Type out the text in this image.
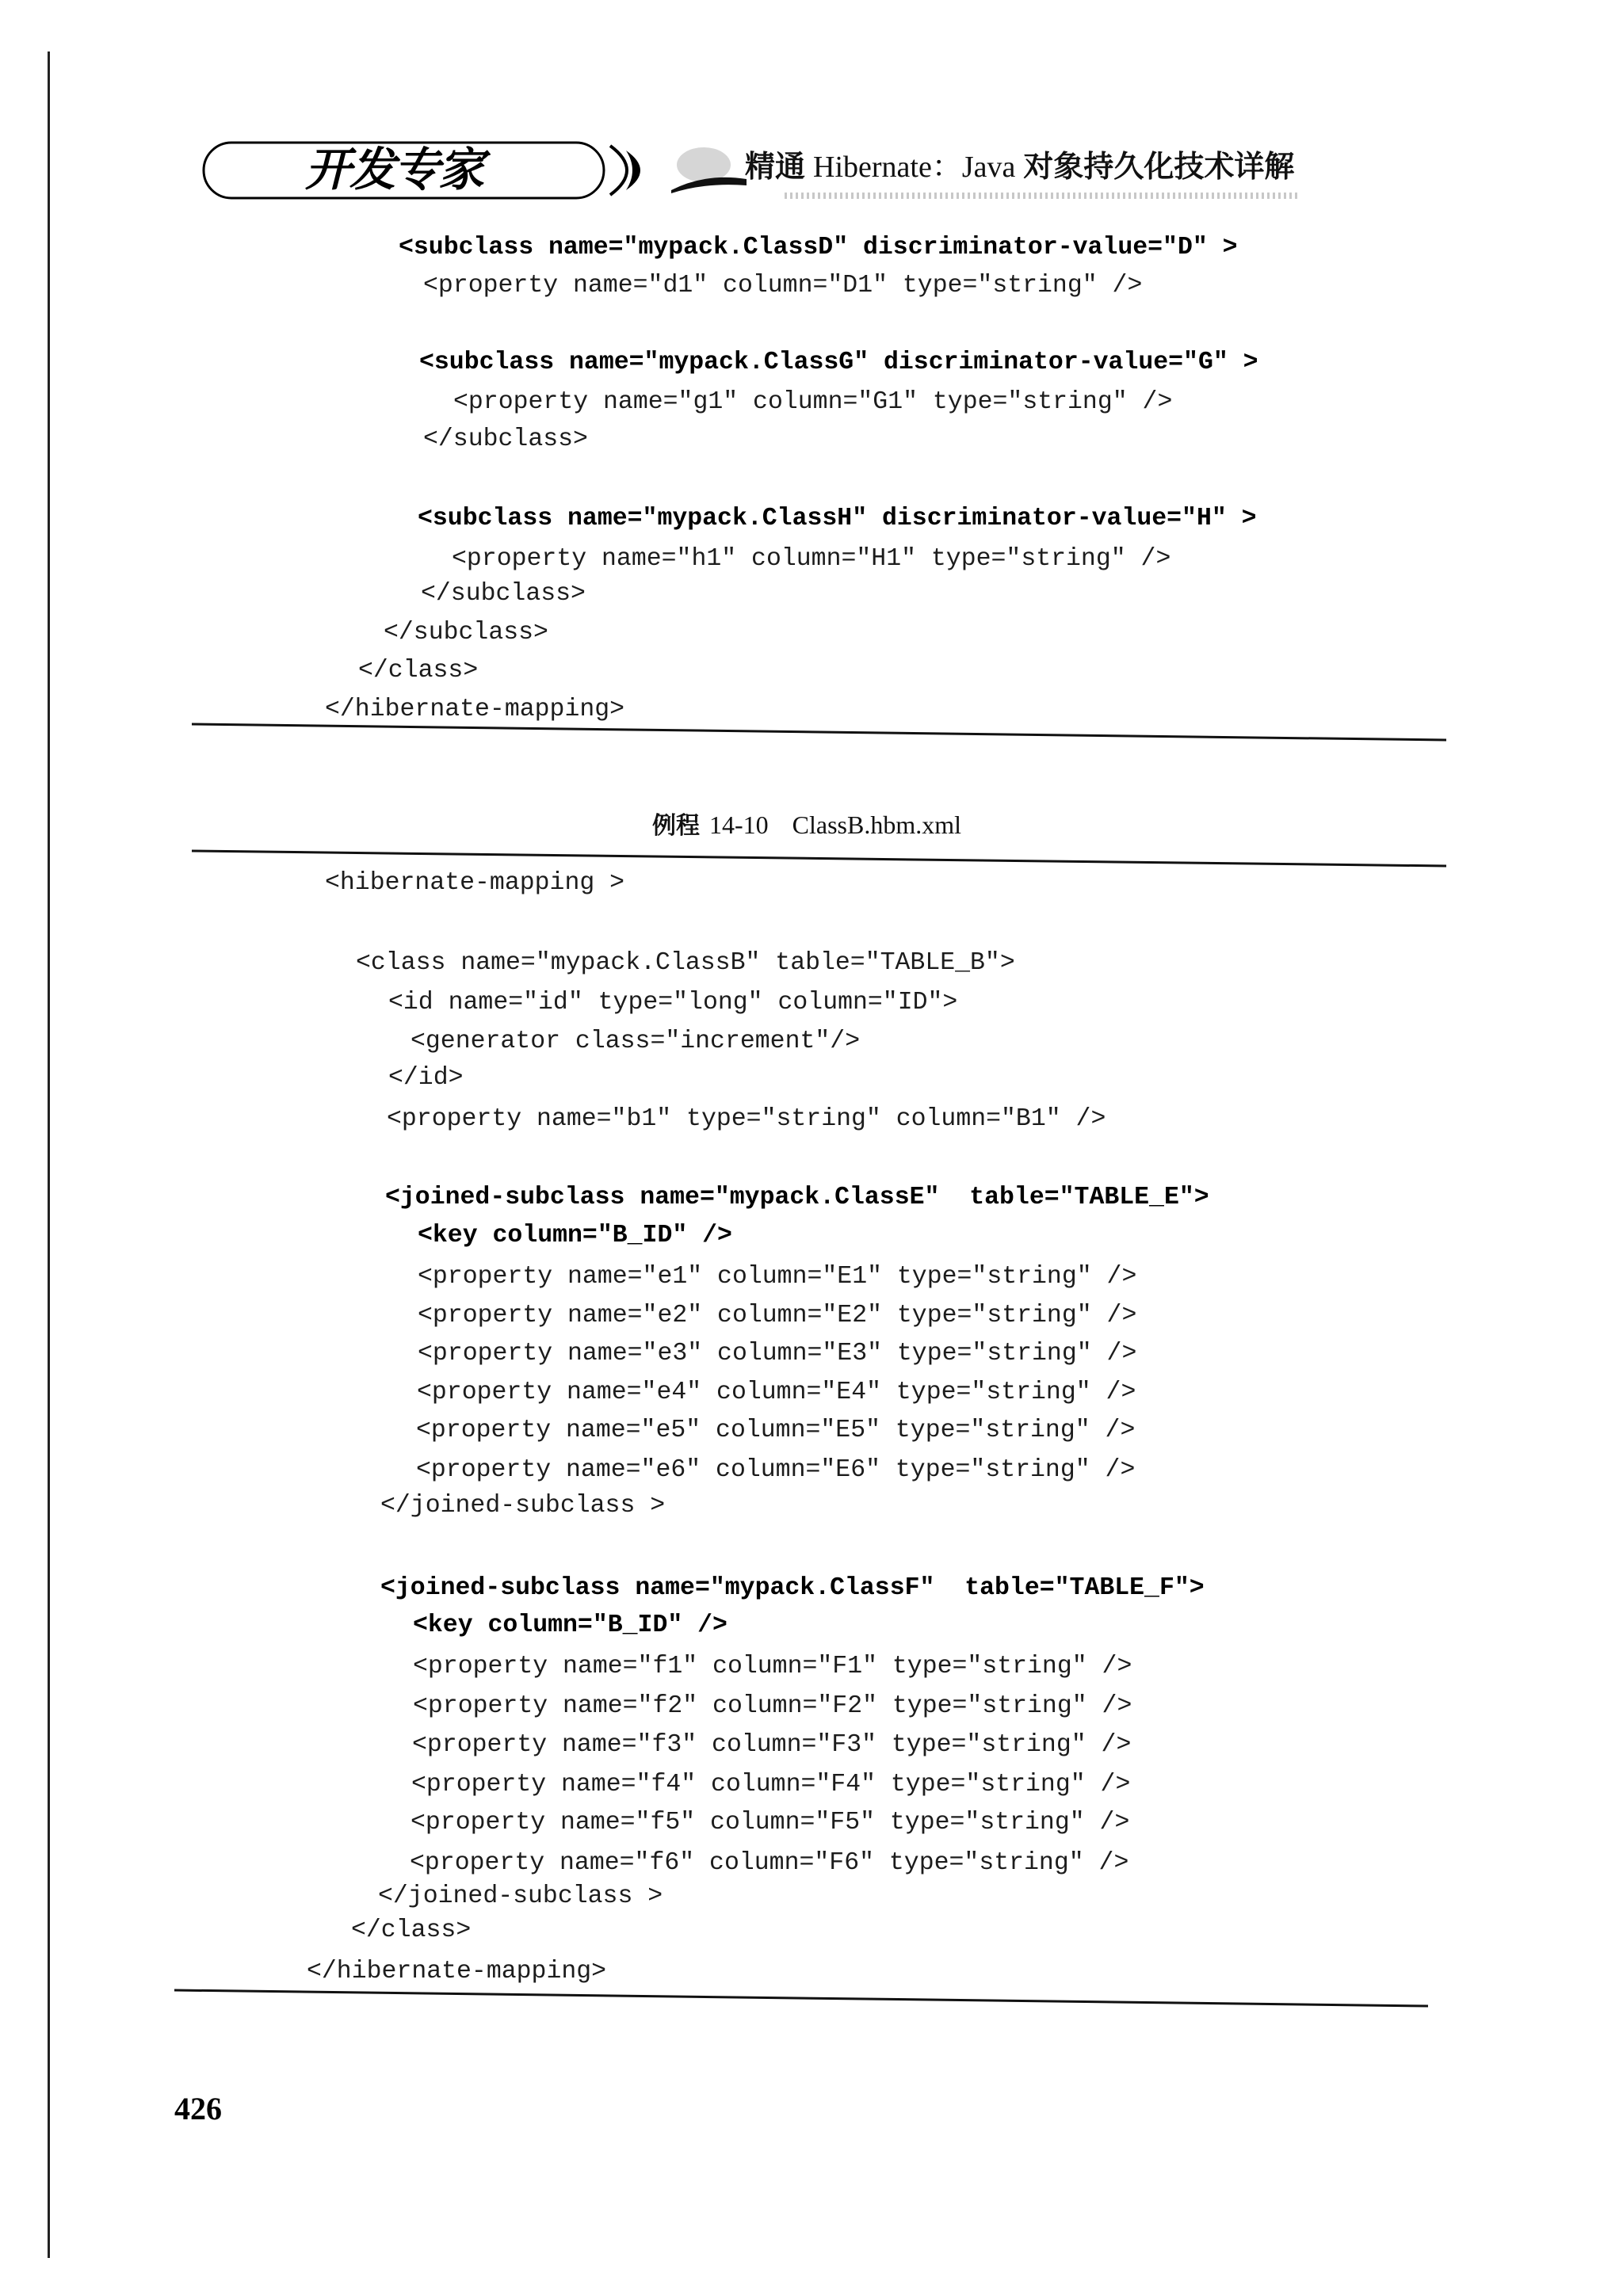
开发专家	精通 Hibernate：Java 对象持久化技术详解
<subclass name="mypack.ClassD" discriminator-value="D" >
<property name="d1" column="D1" type="string" />
<subclass name="mypack.ClassG" discriminator-value="G" >
<property name="g1" column="G1" type="string" />
</subclass>
<subclass name="mypack.ClassH" discriminator-value="H" >
<property name="h1" column="H1" type="string" />
</subclass>
</subclass>
</class>
</hibernate-mapping>
例程 14-10 ClassB.hbm.xml
<hibernate-mapping >
<class name="mypack.ClassB" table="TABLE_B">
<id name="id" type="long" column="ID">
<generator class="increment"/>
</id>
<property name="b1" type="string" column="B1" />
<joined-subclass name="mypack.ClassE"  table="TABLE_E">
<key column="B_ID" />
<property name="e1" column="E1" type="string" />
<property name="e2" column="E2" type="string" />
<property name="e3" column="E3" type="string" />
<property name="e4" column="E4" type="string" />
<property name="e5" column="E5" type="string" />
<property name="e6" column="E6" type="string" />
</joined-subclass >
<joined-subclass name="mypack.ClassF"  table="TABLE_F">
<key column="B_ID" />
<property name="f1" column="F1" type="string" />
<property name="f2" column="F2" type="string" />
<property name="f3" column="F3" type="string" />
<property name="f4" column="F4" type="string" />
<property name="f5" column="F5" type="string" />
<property name="f6" column="F6" type="string" />
</joined-subclass >
</class>
</hibernate-mapping>
426
